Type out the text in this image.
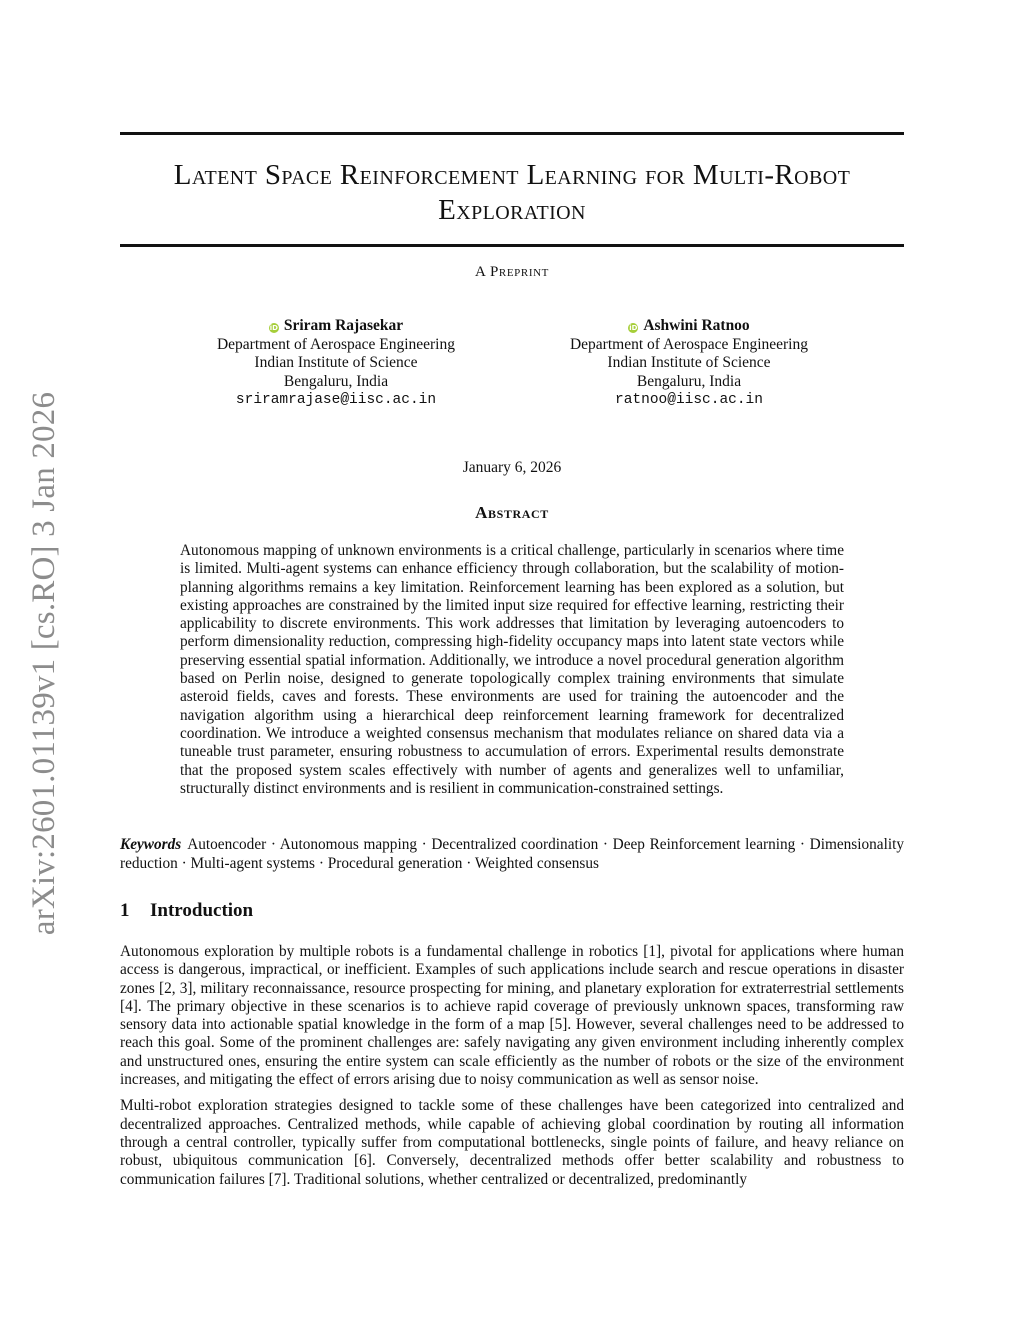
arXiv:2601.01139v1 [cs.RO] 3 Jan 2026
Latent Space Reinforcement Learning for Multi-Robot Exploration
A Preprint
iD Sriram Rajasekar
Department of Aerospace Engineering
Indian Institute of Science
Bengaluru, India
sriramrajase@iisc.ac.in
iD Ashwini Ratnoo
Department of Aerospace Engineering
Indian Institute of Science
Bengaluru, India
ratnoo@iisc.ac.in
January 6, 2026
Abstract
Autonomous mapping of unknown environments is a critical challenge, particularly in scenarios where time is limited. Multi-agent systems can enhance efficiency through collaboration, but the scalability of motion-planning algorithms remains a key limitation. Reinforcement learning has been explored as a solution, but existing approaches are constrained by the limited input size required for effective learning, restricting their applicability to discrete environments. This work addresses that limitation by leveraging autoencoders to perform dimensionality reduction, compressing high-fidelity occupancy maps into latent state vectors while preserving essential spatial information. Additionally, we introduce a novel procedural generation algorithm based on Perlin noise, designed to generate topologically complex training environments that simulate asteroid fields, caves and forests. These environments are used for training the autoencoder and the navigation algorithm using a hierarchical deep reinforcement learning framework for decentralized coordination. We introduce a weighted consensus mechanism that modulates reliance on shared data via a tuneable trust parameter, ensuring robustness to accumulation of errors. Experimental results demonstrate that the proposed system scales effectively with number of agents and generalizes well to unfamiliar, structurally distinct environments and is resilient in communication-constrained settings.
Keywords Autoencoder · Autonomous mapping · Decentralized coordination · Deep Reinforcement learning · Dimensionality reduction · Multi-agent systems · Procedural generation · Weighted consensus
1 Introduction

Autonomous exploration by multiple robots is a fundamental challenge in robotics [1], pivotal for applications where human access is dangerous, impractical, or inefficient. Examples of such applications include search and rescue operations in disaster zones [2, 3], military reconnaissance, resource prospecting for mining, and planetary exploration for extraterrestrial settlements [4]. The primary objective in these scenarios is to achieve rapid coverage of previously unknown spaces, transforming raw sensory data into actionable spatial knowledge in the form of a map [5]. However, several challenges need to be addressed to reach this goal. Some of the prominent challenges are: safely navigating any given environment including inherently complex and unstructured ones, ensuring the entire system can scale efficiently as the number of robots or the size of the environment increases, and mitigating the effect of errors arising due to noisy communication as well as sensor noise.

Multi-robot exploration strategies designed to tackle some of these challenges have been categorized into centralized and decentralized approaches. Centralized methods, while capable of achieving global coordination by routing all information through a central controller, typically suffer from computational bottlenecks, single points of failure, and heavy reliance on robust, ubiquitous communication [6]. Conversely, decentralized methods offer better scalability and robustness to communication failures [7]. Traditional solutions, whether centralized or decentralized, predominantly
